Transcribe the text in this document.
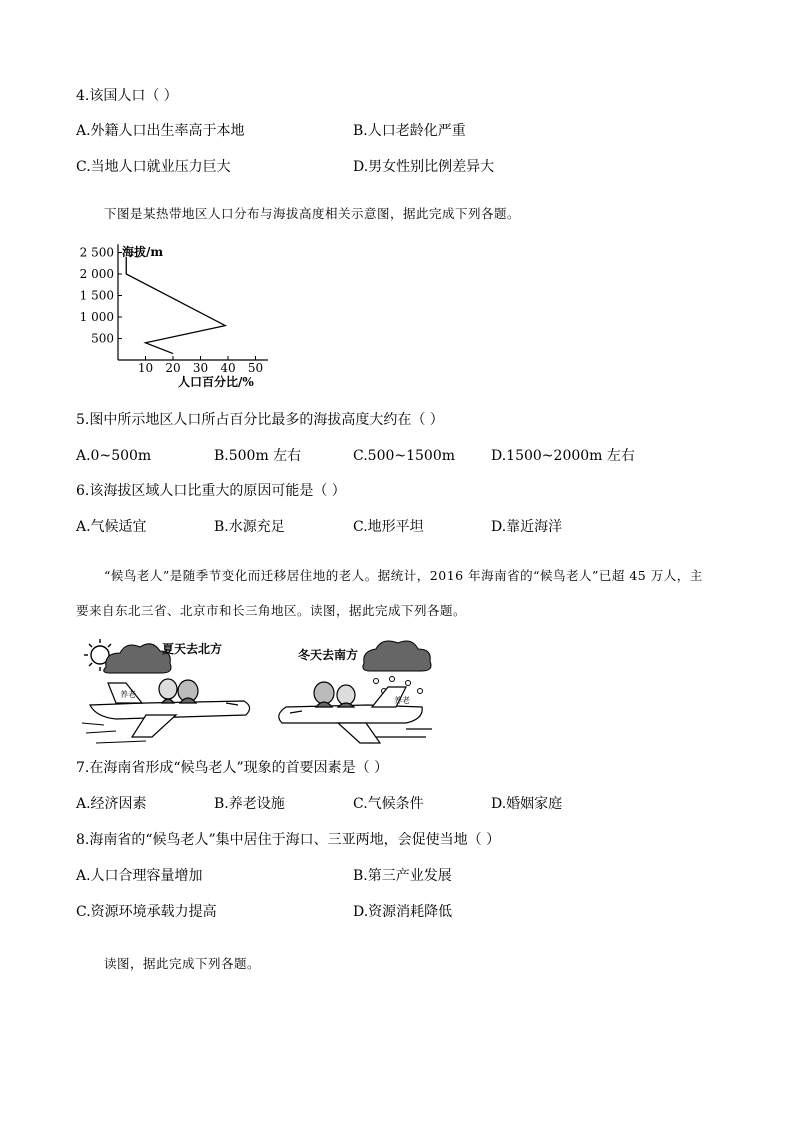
4.该国人口（ ）
A.外籍人口出生率高于本地	B.人口老龄化严重
C.当地人口就业压力巨大	D.男女性别比例差异大
下图是某热带地区人口分布与海拔高度相关示意图，据此完成下列各题。
2 500
2 000
1 500
1 000
500
10 20 30 40 50
海拔/m
人口百分比/%
5.图中所示地区人口所占百分比最多的海拔高度大约在（ ）
A.0~500m	B.500m 左右	C.500~1500m	D.1500~2000m 左右
6.该海拔区域人口比重大的原因可能是（ ）
A.气候适宜	B.水源充足	C.地形平坦	D.靠近海洋
“候鸟老人”是随季节变化而迁移居住地的老人。据统计，2016 年海南省的“候鸟老人”已超 45 万人，主
要来自东北三省、北京市和长三角地区。读图，据此完成下列各题。
夏天去北方
养老
冬天去南方
养老
7.在海南省形成“候鸟老人”现象的首要因素是（ ）
A.经济因素	B.养老设施	C.气候条件	D.婚姻家庭
8.海南省的“候鸟老人”集中居住于海口、三亚两地，会促使当地（ ）
A.人口合理容量增加	B.第三产业发展
C.资源环境承载力提高	D.资源消耗降低
读图，据此完成下列各题。
